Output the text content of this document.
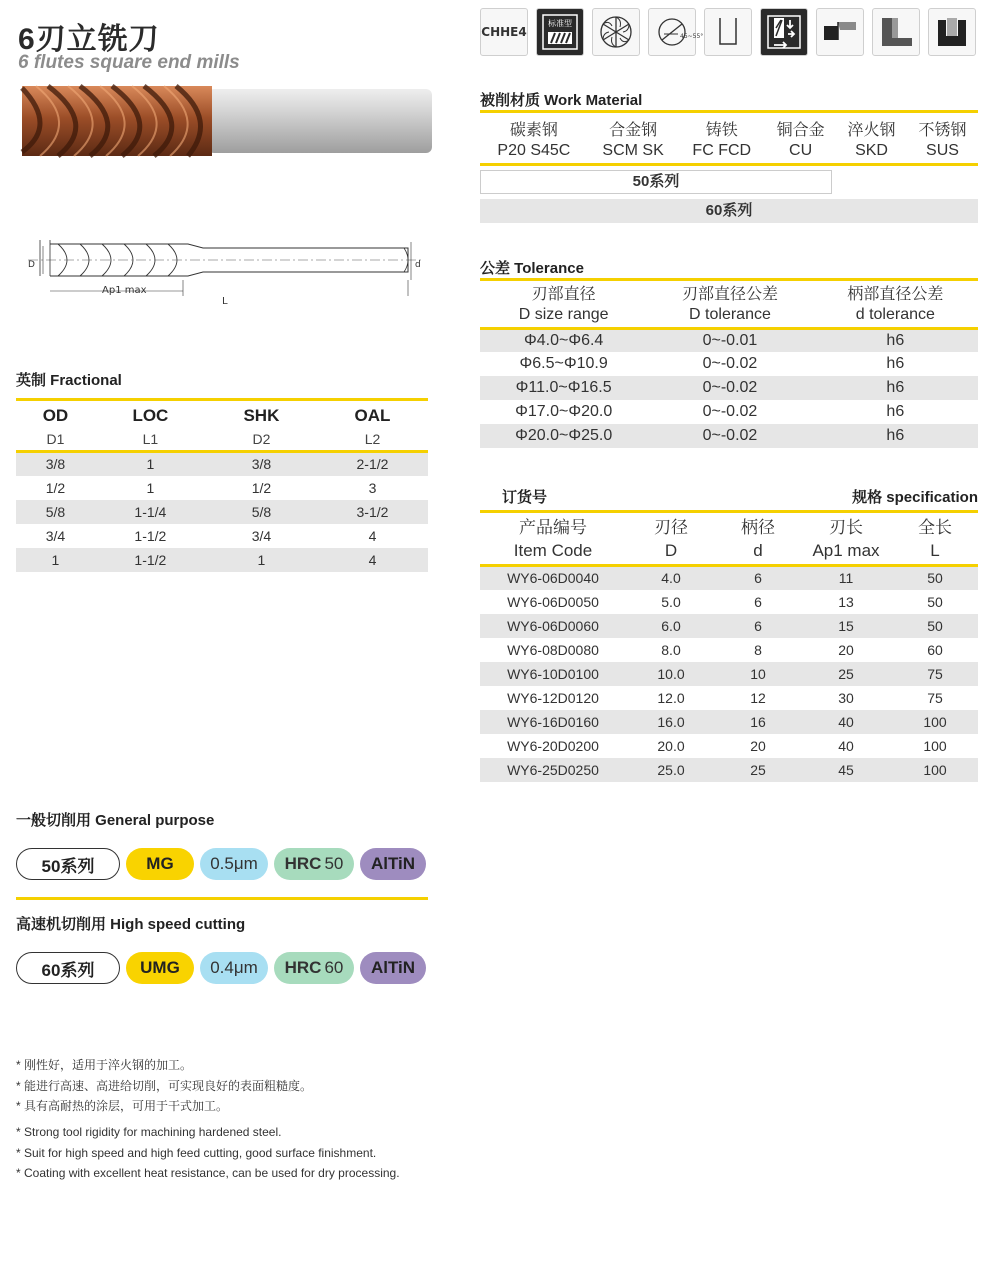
6刃立铣刀
6 flutes square end mills
CHHE4
标准型
45~55°
D	d
Ap1 max
L
英制 Fractional
OD	LOC	SHK	OAL
D1	L1	D2	L2
3/8	1	3/8	2-1/2
1/2	1	1/2	3
5/8	1-1/4	5/8	3-1/2
3/4	1-1/2	3/4	4
1	1-1/2	1	4
被削材质 Work Material
碳素钢	合金钢	铸铁	铜合金	淬火钢	不锈钢
P20 S45C	SCM SK	FC FCD	CU	SKD	SUS
50系列
60系列
公差 Tolerance
刃部直径	刃部直径公差	柄部直径公差
D size range	D tolerance	d tolerance
Φ4.0~Φ6.4	0~-0.01	h6
Φ6.5~Φ10.9	0~-0.02	h6
Φ11.0~Φ16.5	0~-0.02	h6
Φ17.0~Φ20.0	0~-0.02	h6
Φ20.0~Φ25.0	0~-0.02	h6
订货号	规格 specification
产品编号	刃径	柄径	刃长	全长
Item Code	D	d	Ap1 max	L
WY6-06D0040	4.0	6	11	50
WY6-06D0050	5.0	6	13	50
WY6-06D0060	6.0	6	15	50
WY6-08D0080	8.0	8	20	60
WY6-10D0100	10.0	10	25	75
WY6-12D0120	12.0	12	30	75
WY6-16D0160	16.0	16	40	100
WY6-20D0200	20.0	20	40	100
WY6-25D0250	25.0	25	45	100
一般切削用 General purpose
50系列	MG	0.5μm	HRC 50	AlTiN
高速机切削用 High speed cutting
60系列	UMG	0.4μm	HRC 60	AlTiN
* 刚性好，适用于淬火钢的加工。
* 能进行高速、高进给切削，可实现良好的表面粗糙度。
* 具有高耐热的涂层，可用于干式加工。
* Strong tool rigidity for machining hardened steel.
* Suit for high speed and high feed cutting, good surface finishment.
* Coating with excellent heat resistance, can be used for dry processing.
